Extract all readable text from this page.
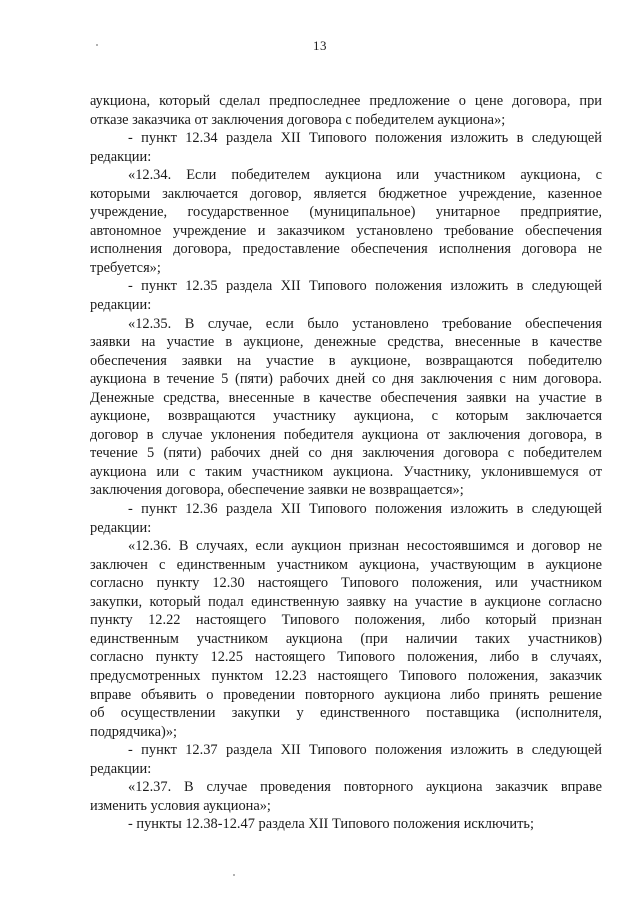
13
аукциона, который сделал предпоследнее предложение о цене договора, при
отказе заказчика от заключения договора с победителем аукциона»;
- пункт 12.34 раздела XII Типового положения изложить в следующей
редакции:
«12.34. Если победителем аукциона или участником аукциона, с
которыми заключается договор, является бюджетное учреждение, казенное
учреждение, государственное (муниципальное) унитарное предприятие,
автономное учреждение и заказчиком установлено требование обеспечения
исполнения договора, предоставление обеспечения исполнения договора не
требуется»;
- пункт 12.35 раздела XII Типового положения изложить в следующей
редакции:
«12.35. В случае, если было установлено требование обеспечения
заявки на участие в аукционе, денежные средства, внесенные в качестве
обеспечения заявки на участие в аукционе, возвращаются победителю
аукциона в течение 5 (пяти) рабочих дней со дня заключения с ним договора.
Денежные средства, внесенные в качестве обеспечения заявки на участие в
аукционе, возвращаются участнику аукциона, с которым заключается
договор в случае уклонения победителя аукциона от заключения договора, в
течение 5 (пяти) рабочих дней со дня заключения договора с победителем
аукциона или с таким участником аукциона. Участнику, уклонившемуся от
заключения договора, обеспечение заявки не возвращается»;
- пункт 12.36 раздела XII Типового положения изложить в следующей
редакции:
«12.36. В случаях, если аукцион признан несостоявшимся и договор не
заключен с единственным участником аукциона, участвующим в аукционе
согласно пункту 12.30 настоящего Типового положения, или участником
закупки, который подал единственную заявку на участие в аукционе согласно
пункту 12.22 настоящего Типового положения, либо который признан
единственным участником аукциона (при наличии таких участников)
согласно пункту 12.25 настоящего Типового положения, либо в случаях,
предусмотренных пунктом 12.23 настоящего Типового положения, заказчик
вправе объявить о проведении повторного аукциона либо принять решение
об осуществлении закупки у единственного поставщика (исполнителя,
подрядчика)»;
- пункт 12.37 раздела XII Типового положения изложить в следующей
редакции:
«12.37. В случае проведения повторного аукциона заказчик вправе
изменить условия аукциона»;
- пункты 12.38-12.47 раздела XII Типового положения исключить;
